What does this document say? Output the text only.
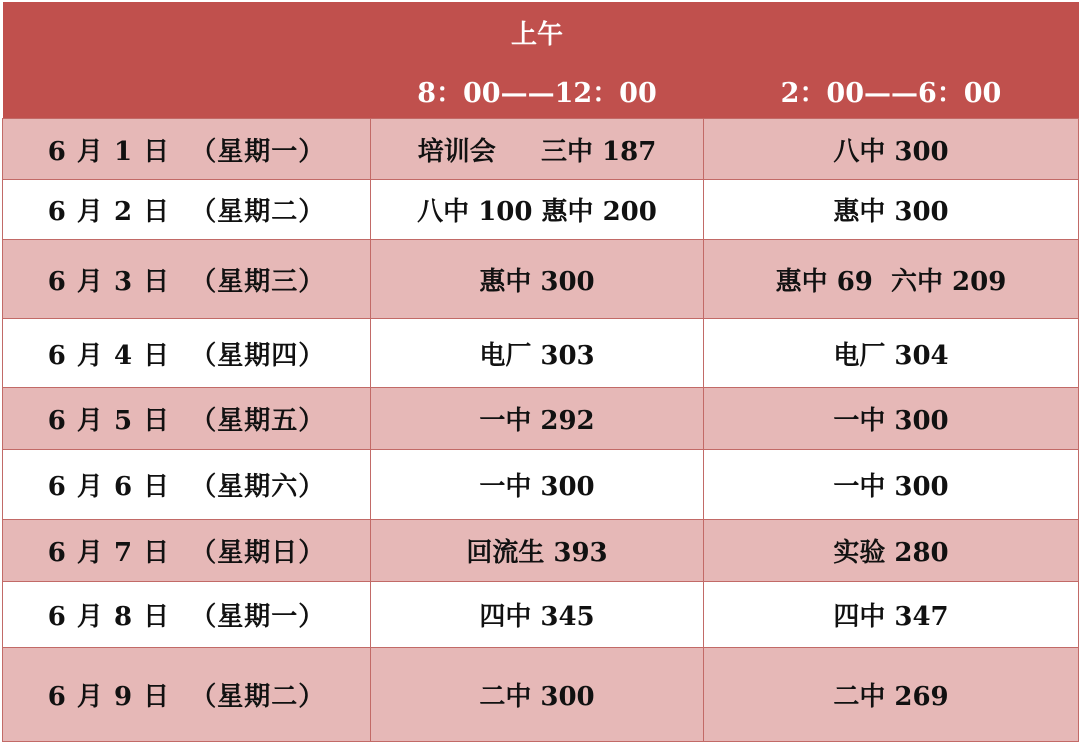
	上午	
	8：00——12：00	2：00——6：00
6 月 1 日  （星期一）	培训会     三中 187	八中 300
6 月 2 日  （星期二）	八中 100 惠中 200	惠中 300
6 月 3 日  （星期三）	惠中 300	惠中 69  六中 209
6 月 4 日  （星期四）	电厂 303	电厂 304
6 月 5 日  （星期五）	一中 292	一中 300
6 月 6 日  （星期六）	一中 300	一中 300
6 月 7 日  （星期日）	回流生 393	实验 280
6 月 8 日  （星期一）	四中 345	四中 347
6 月 9 日  （星期二）	二中 300	二中 269
